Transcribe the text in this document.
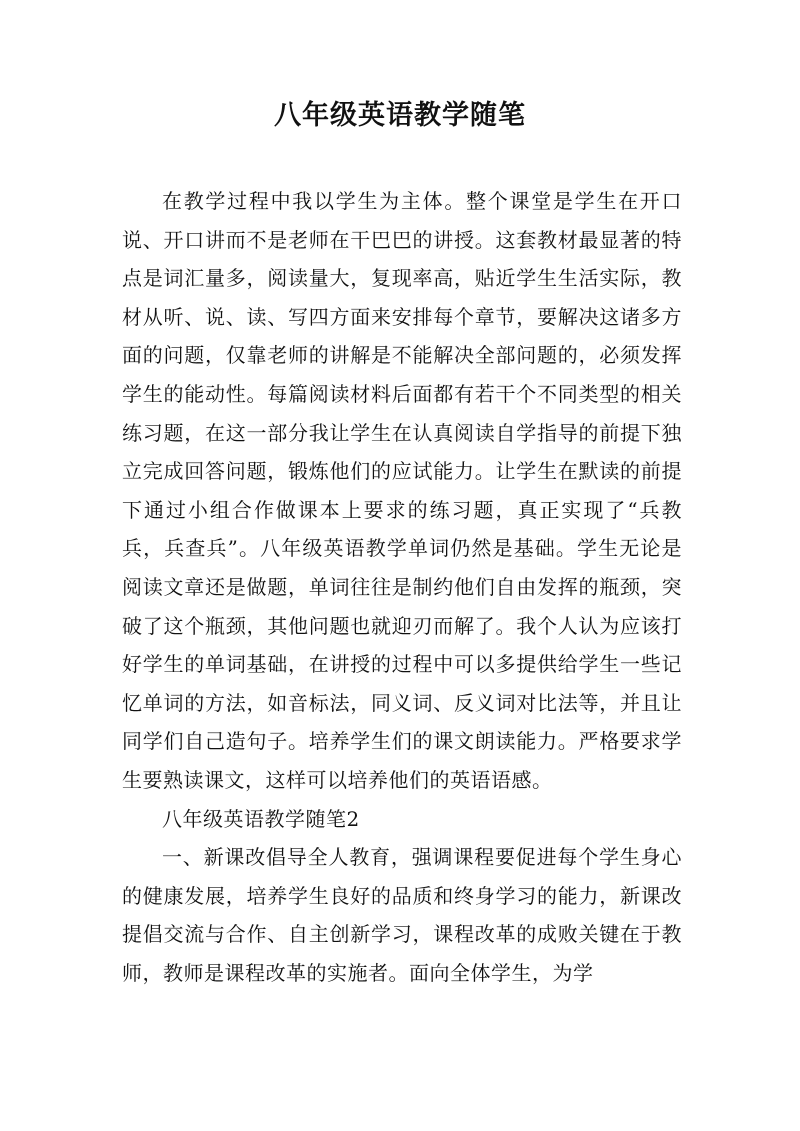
八年级英语教学随笔

在教学过程中我以学生为主体。整个课堂是学生在开口说、开口讲而不是老师在干巴巴的讲授。这套教材最显著的特点是词汇量多，阅读量大，复现率高，贴近学生生活实际，教材从听、说、读、写四方面来安排每个章节，要解决这诸多方面的问题，仅靠老师的讲解是不能解决全部问题的，必须发挥学生的能动性。每篇阅读材料后面都有若干个不同类型的相关练习题，在这一部分我让学生在认真阅读自学指导的前提下独立完成回答问题，锻炼他们的应试能力。让学生在默读的前提下通过小组合作做课本上要求的练习题，真正实现了“兵教兵，兵查兵”。八年级英语教学单词仍然是基础。学生无论是阅读文章还是做题，单词往往是制约他们自由发挥的瓶颈，突破了这个瓶颈，其他问题也就迎刃而解了。我个人认为应该打好学生的单词基础，在讲授的过程中可以多提供给学生一些记忆单词的方法，如音标法，同义词、反义词对比法等，并且让同学们自己造句子。培养学生们的课文朗读能力。严格要求学生要熟读课文，这样可以培养他们的英语语感。

八年级英语教学随笔2

一、新课改倡导全人教育，强调课程要促进每个学生身心的健康发展，培养学生良好的品质和终身学习的能力，新课改提倡交流与合作、自主创新学习，课程改革的成败关键在于教师，教师是课程改革的实施者。面向全体学生，为学
